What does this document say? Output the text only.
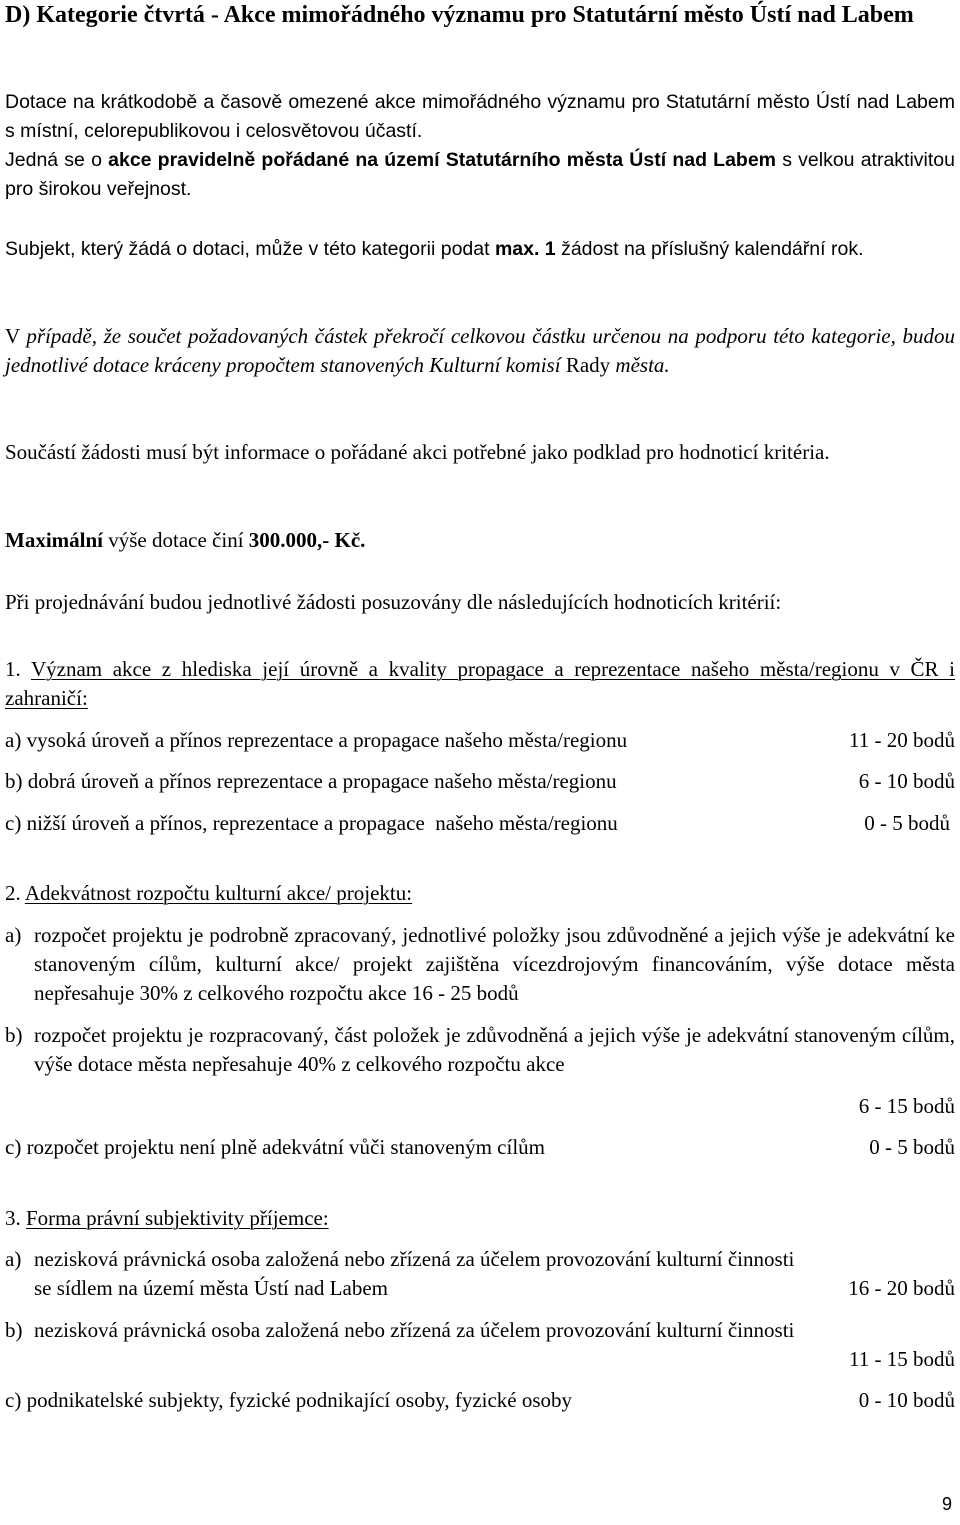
D) Kategorie čtvrtá - Akce mimořádného významu pro Statutární město Ústí nad Labem

Dotace na krátkodobě a časově omezené akce mimořádného významu pro Statutární město Ústí nad Labem s místní, celorepublikovou i celosvětovou účastí.

Jedná se o akce pravidelně pořádané na území Statutárního města Ústí nad Labem s velkou atraktivitou pro širokou veřejnost.

Subjekt, který žádá o dotaci, může v této kategorii podat max. 1 žádost na příslušný kalendářní rok.

V případě, že součet požadovaných částek překročí celkovou částku určenou na podporu této kategorie, budou jednotlivé dotace kráceny propočtem stanovených Kulturní komisí Rady města.

Součástí žádosti musí být informace o pořádané akci potřebné jako podklad pro hodnoticí kritéria.

Maximální výše dotace činí 300.000,- Kč.

Při projednávání budou jednotlivé žádosti posuzovány dle následujících hodnoticích kritérií:

1. Význam akce z hlediska její úrovně a kvality propagace a reprezentace našeho města/regionu v ČR i zahraničí:

a) vysoká úroveň a přínos reprezentace a propagace našeho města/regionu	11 - 20 bodů
b) dobrá úroveň a přínos reprezentace a propagace našeho města/regionu	6 - 10 bodů
c) nižší úroveň a přínos, reprezentace a propagace  našeho města/regionu	0 - 5 bodů

2. Adekvátnost rozpočtu kulturní akce/ projektu:

a) rozpočet projektu je podrobně zpracovaný, jednotlivé položky jsou zdůvodněné a jejich výše je adekvátní ke stanoveným cílům, kulturní akce/ projekt zajištěna vícezdrojovým financováním, výše dotace města nepřesahuje 30% z celkového rozpočtu akce 16 - 25 bodů
b) rozpočet projektu je rozpracovaný, část položek je zdůvodněná a jejich výše je adekvátní stanoveným cílům, výše dotace města nepřesahuje 40% z celkového rozpočtu akce
6 - 15 bodů
c) rozpočet projektu není plně adekvátní vůči stanoveným cílům	0 - 5 bodů

3. Forma právní subjektivity příjemce:

a) nezisková právnická osoba založená nebo zřízená za účelem provozování kulturní činnosti
se sídlem na území města Ústí nad Labem	16 - 20 bodů
b) nezisková právnická osoba založená nebo zřízená za účelem provozování kulturní činnosti
11 - 15 bodů
c) podnikatelské subjekty, fyzické podnikající osoby, fyzické osoby	0 - 10 bodů
9
